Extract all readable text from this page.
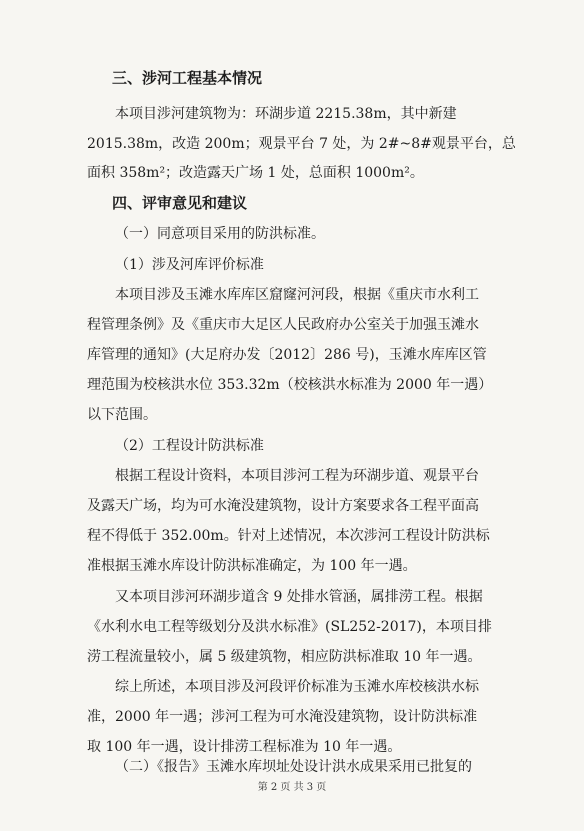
三、涉河工程基本情况
本项目涉河建筑物为：环湖步道 2215.38m，其中新建
2015.38m，改造 200m；观景平台 7 处，为 2#~8#观景平台，总
面积 358m²；改造露天广场 1 处，总面积 1000m²。
四、评审意见和建议
（一）同意项目采用的防洪标准。
（1）涉及河库评价标准
本项目涉及玉滩水库库区窟窿河河段，根据《重庆市水利工
程管理条例》及《重庆市大足区人民政府办公室关于加强玉滩水
库管理的通知》(大足府办发〔2012〕286 号)，玉滩水库库区管
理范围为校核洪水位 353.32m（校核洪水标准为 2000 年一遇）
以下范围。
（2）工程设计防洪标准
根据工程设计资料，本项目涉河工程为环湖步道、观景平台
及露天广场，均为可水淹没建筑物，设计方案要求各工程平面高
程不得低于 352.00m。针对上述情况，本次涉河工程设计防洪标
准根据玉滩水库设计防洪标准确定，为 100 年一遇。
又本项目涉河环湖步道含 9 处排水管涵，属排涝工程。根据
《水利水电工程等级划分及洪水标准》(SL252-2017)，本项目排
涝工程流量较小，属 5 级建筑物，相应防洪标准取 10 年一遇。
综上所述，本项目涉及河段评价标准为玉滩水库校核洪水标
准，2000 年一遇；涉河工程为可水淹没建筑物，设计防洪标准
取 100 年一遇，设计排涝工程标准为 10 年一遇。
（二）《报告》玉滩水库坝址处设计洪水成果采用已批复的
第 2 页 共 3 页
